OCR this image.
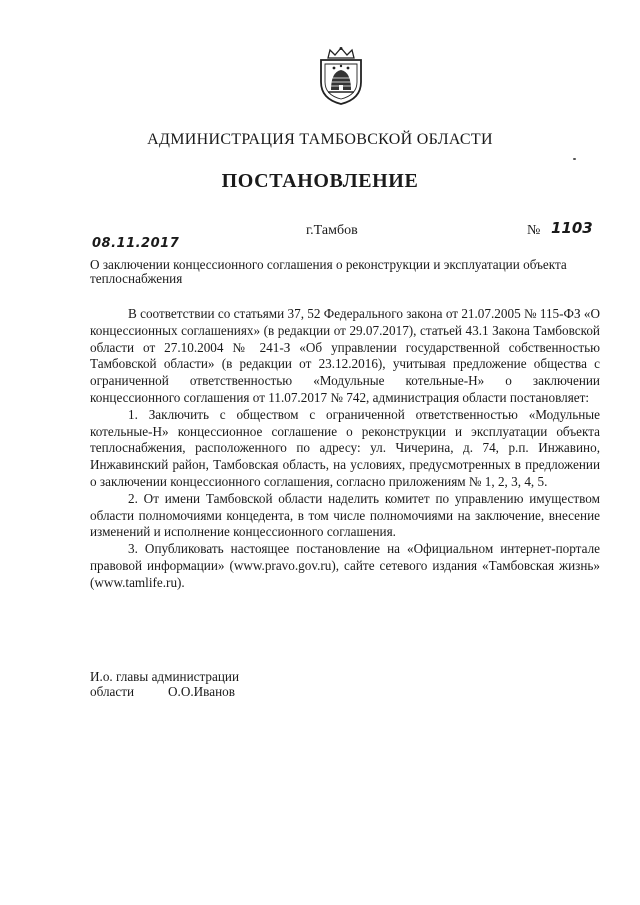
АДМИНИСТРАЦИЯ ТАМБОВСКОЙ ОБЛАСТИ
ПОСТАНОВЛЕНИЕ
08.11.2017
г.Тамбов	№ 1103
О заключении концессионного соглашения о реконструкции и эксплуатации объекта теплоснабжения

В соответствии со статьями 37, 52 Федерального закона от 21.07.2005 № 115-ФЗ «О концессионных соглашениях» (в редакции от 29.07.2017), статьей 43.1 Закона Тамбовской области от 27.10.2004 № 241-З «Об управлении государственной собственностью Тамбовской области» (в редакции от 23.12.2016), учитывая предложение общества с ограниченной ответственностью «Модульные котельные-Н» о заключении концессионного соглашения от 11.07.2017 № 742, администрация области постановляет:

1. Заключить с обществом с ограниченной ответственностью «Модульные котельные-Н» концессионное соглашение о реконструкции и эксплуатации объекта теплоснабжения, расположенного по адресу: ул. Чичерина, д. 74, р.п. Инжавино, Инжавинский район, Тамбовская область, на условиях, предусмотренных в предложении о заключении концессионного соглашения, согласно приложениям № 1, 2, 3, 4, 5.

2. От имени Тамбовской области наделить комитет по управлению имуществом области полномочиями концедента, в том числе полномочиями на заключение, внесение изменений и исполнение концессионного соглашения.

3. Опубликовать настоящее постановление на «Официальном интернет-портале правовой информации» (www.pravo.gov.ru), сайте сетевого издания «Тамбовская жизнь» (www.tamlife.ru).

И.о. главы администрации
области	О.О.Иванов
